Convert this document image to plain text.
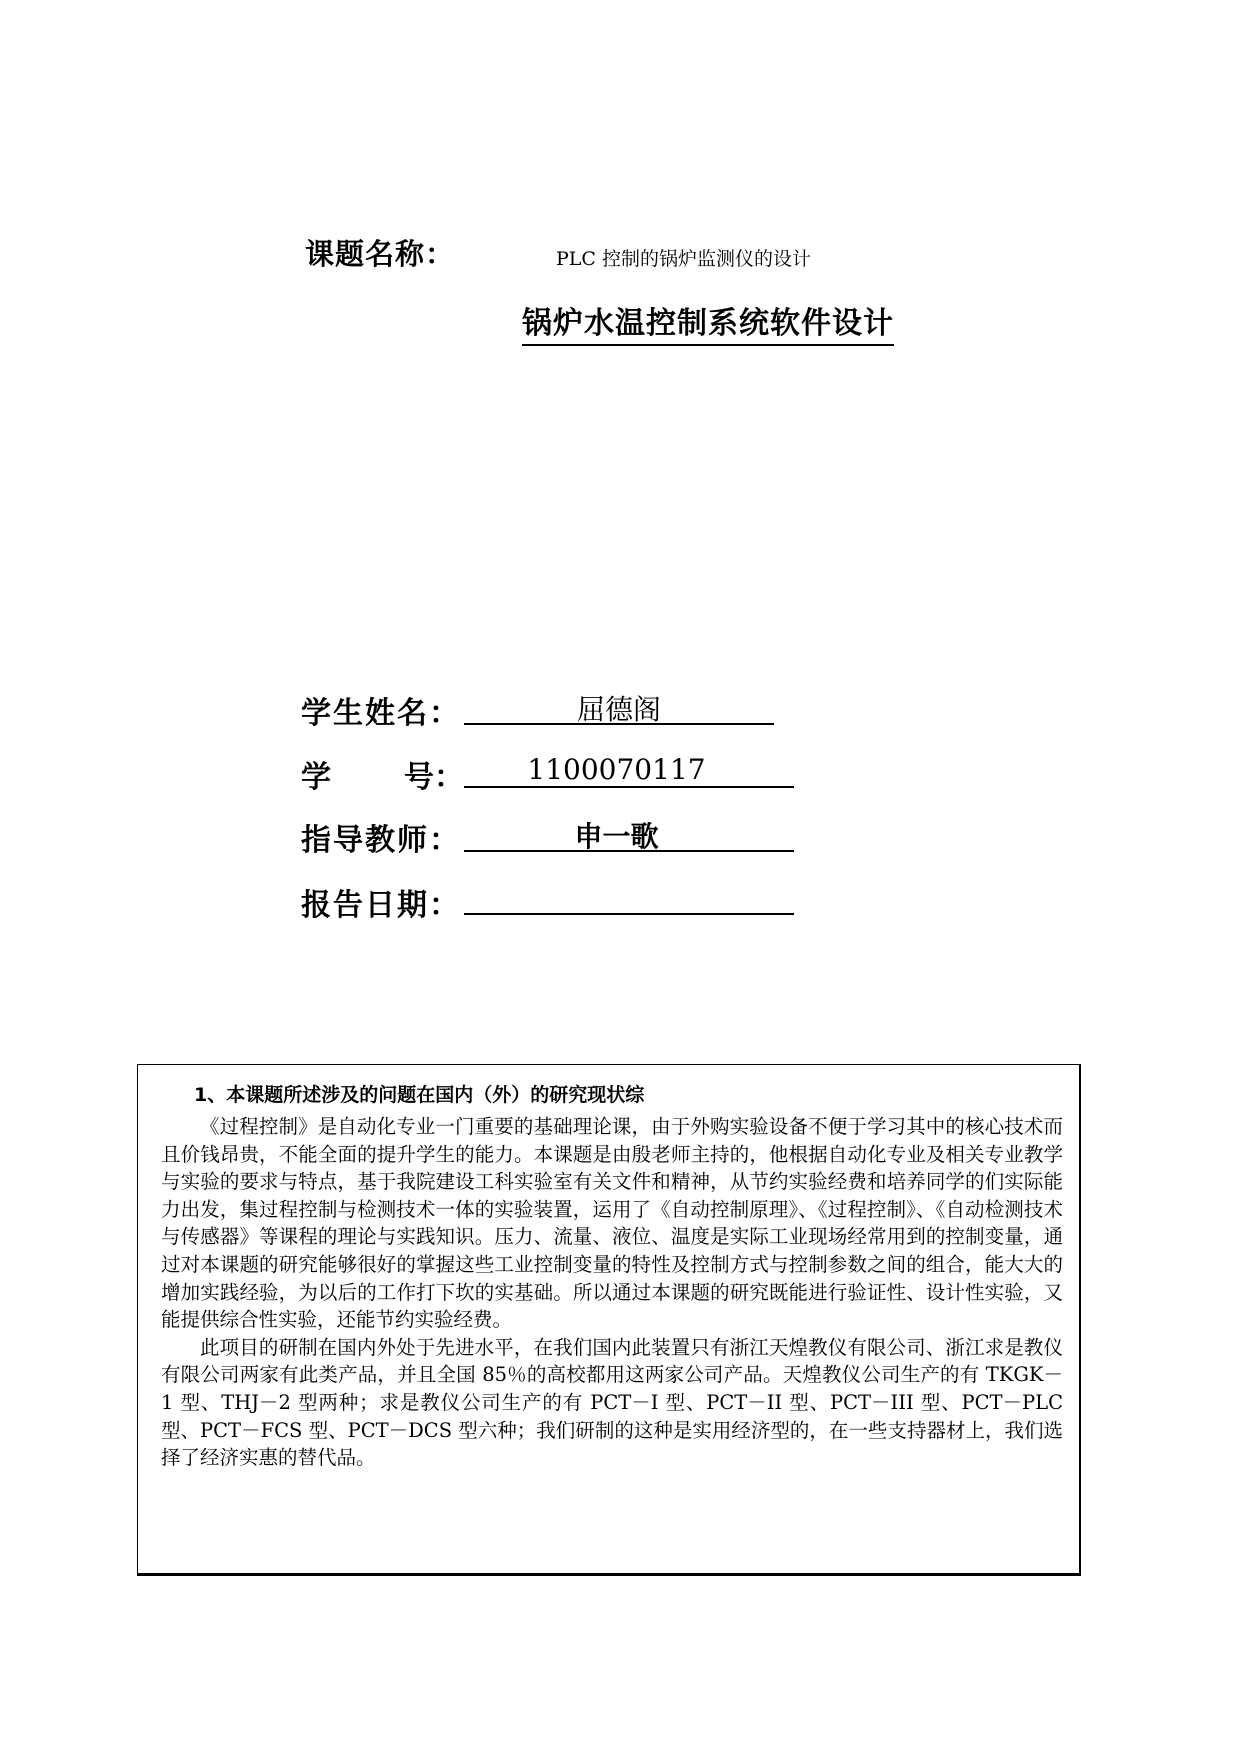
课题名称：	PLC 控制的锅炉监测仪的设计
锅炉水温控制系统软件设计
学生姓名：	屈德阁
学 号：	1100070117
指导教师：	申一歌
报告日期：
1、本课题所述涉及的问题在国内（外）的研究现状综

《过程控制》是自动化专业一门重要的基础理论课，由于外购实验设备不便于学习其中的核心技术而且价钱昂贵，不能全面的提升学生的能力。本课题是由殷老师主持的，他根据自动化专业及相关专业教学与实验的要求与特点，基于我院建设工科实验室有关文件和精神，从节约实验经费和培养同学的们实际能力出发，集过程控制与检测技术一体的实验装置，运用了《自动控制原理》、《过程控制》、《自动检测技术与传感器》等课程的理论与实践知识。压力、流量、液位、温度是实际工业现场经常用到的控制变量，通过对本课题的研究能够很好的掌握这些工业控制变量的特性及控制方式与控制参数之间的组合，能大大的增加实践经验，为以后的工作打下坎的实基础。所以通过本课题的研究既能进行验证性、设计性实验，又能提供综合性实验，还能节约实验经费。

此项目的研制在国内外处于先进水平，在我们国内此装置只有浙江天煌教仪有限公司、浙江求是教仪有限公司两家有此类产品，并且全国 85％的高校都用这两家公司产品。天煌教仪公司生产的有 TKGK－1 型、THJ－2 型两种；求是教仪公司生产的有 PCT－I 型、PCT－II 型、PCT－III 型、PCT－PLC 型、PCT－FCS 型、PCT－DCS 型六种；我们研制的这种是实用经济型的，在一些支持器材上，我们选择了经济实惠的替代品。
